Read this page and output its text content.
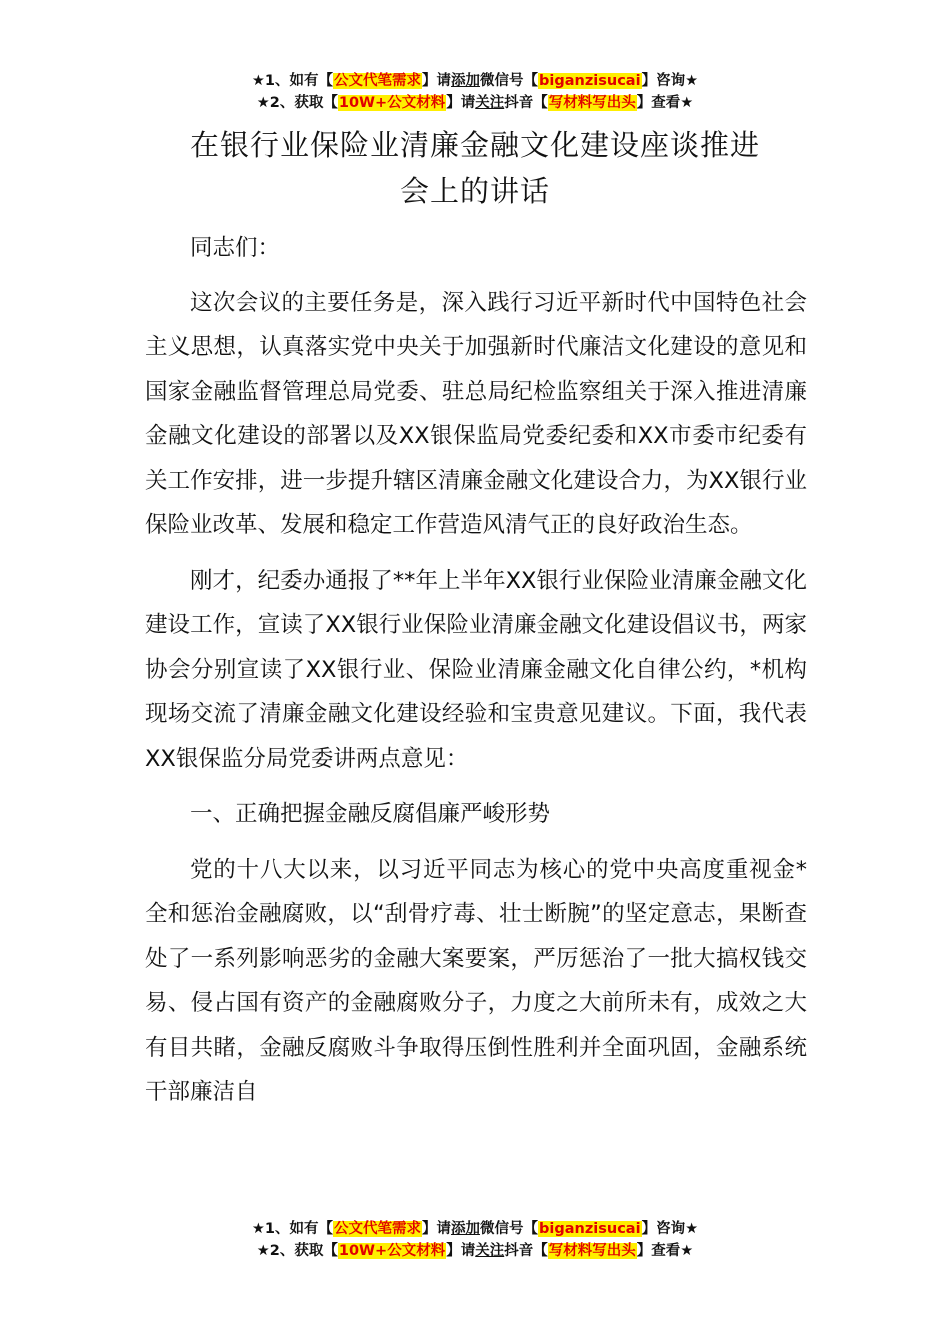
★1、如有【公文代笔需求】请添加微信号【biganzisucai】咨询★
★2、获取【10W+公文材料】请关注抖音【写材料写出头】查看★
在银行业保险业清廉金融文化建设座谈推进
会上的讲话

同志们：

这次会议的主要任务是，深入践行习近平新时代中国特色社会主义思想，认真落实党中央关于加强新时代廉洁文化建设的意见和国家金融监督管理总局党委、驻总局纪检监察组关于深入推进清廉金融文化建设的部署以及XX银保监局党委纪委和XX市委市纪委有关工作安排，进一步提升辖区清廉金融文化建设合力，为XX银行业保险业改革、发展和稳定工作营造风清气正的良好政治生态。

刚才，纪委办通报了**年上半年XX银行业保险业清廉金融文化建设工作，宣读了XX银行业保险业清廉金融文化建设倡议书，两家协会分别宣读了XX银行业、保险业清廉金融文化自律公约，*机构现场交流了清廉金融文化建设经验和宝贵意见建议。下面，我代表XX银保监分局党委讲两点意见：

一、正确把握金融反腐倡廉严峻形势

党的十八大以来，以习近平同志为核心的党中央高度重视金*全和惩治金融腐败，以“刮骨疗毒、壮士断腕”的坚定意志，果断查处了一系列影响恶劣的金融大案要案，严厉惩治了一批大搞权钱交易、侵占国有资产的金融腐败分子，力度之大前所未有，成效之大有目共睹，金融反腐败斗争取得压倒性胜利并全面巩固，金融系统干部廉洁自

★1、如有【公文代笔需求】请添加微信号【biganzisucai】咨询★
★2、获取【10W+公文材料】请关注抖音【写材料写出头】查看★
